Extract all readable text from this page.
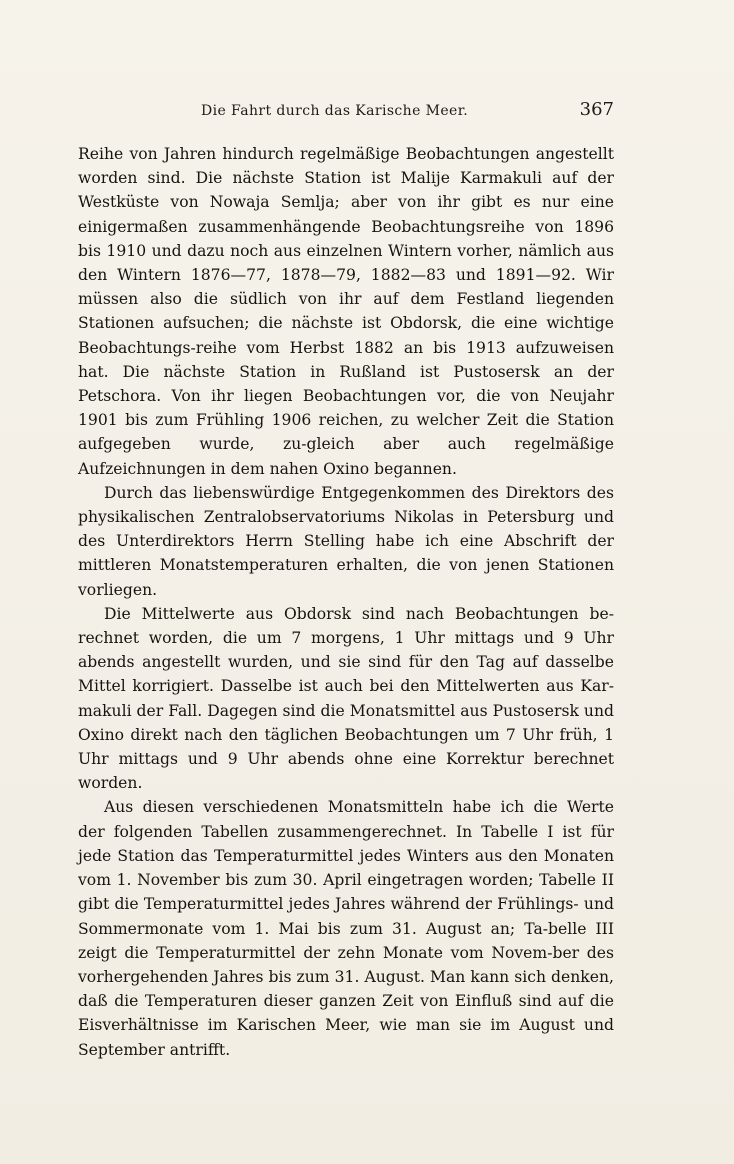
Die Fahrt durch das Karische Meer.	367

Reihe von Jahren hindurch regelmäßige Beobachtungen angestellt worden sind. Die nächste Station ist Malije Karmakuli auf der Westküste von Nowaja Semlja; aber von ihr gibt es nur eine einigermaßen zusammenhängende Beobachtungsreihe von 1896 bis 1910 und dazu noch aus einzelnen Wintern vorher, nämlich aus den Wintern 1876—77, 1878—79, 1882—83 und 1891—92. Wir müssen also die südlich von ihr auf dem Festland liegenden Stationen aufsuchen; die nächste ist Obdorsk, die eine wichtige Beobachtungs-reihe vom Herbst 1882 an bis 1913 aufzuweisen hat. Die nächste Station in Rußland ist Pustosersk an der Petschora. Von ihr liegen Beobachtungen vor, die von Neujahr 1901 bis zum Frühling 1906 reichen, zu welcher Zeit die Station aufgegeben wurde, zu-gleich aber auch regelmäßige Aufzeichnungen in dem nahen Oxino begannen.

Durch das liebenswürdige Entgegenkommen des Direktors des physikalischen Zentralobservatoriums Nikolas in Petersburg und des Unterdirektors Herrn Stelling habe ich eine Abschrift der mittleren Monatstemperaturen erhalten, die von jenen Stationen vorliegen.

Die Mittelwerte aus Obdorsk sind nach Beobachtungen be-rechnet worden, die um 7 morgens, 1 Uhr mittags und 9 Uhr abends angestellt wurden, und sie sind für den Tag auf dasselbe Mittel korrigiert. Dasselbe ist auch bei den Mittelwerten aus Kar-makuli der Fall. Dagegen sind die Monatsmittel aus Pustosersk und Oxino direkt nach den täglichen Beobachtungen um 7 Uhr früh, 1 Uhr mittags und 9 Uhr abends ohne eine Korrektur berechnet worden.

Aus diesen verschiedenen Monatsmitteln habe ich die Werte der folgenden Tabellen zusammengerechnet. In Tabelle I ist für jede Station das Temperaturmittel jedes Winters aus den Monaten vom 1. November bis zum 30. April eingetragen worden; Tabelle II gibt die Temperaturmittel jedes Jahres während der Frühlings- und Sommermonate vom 1. Mai bis zum 31. August an; Ta-belle III zeigt die Temperaturmittel der zehn Monate vom Novem-ber des vorhergehenden Jahres bis zum 31. August. Man kann sich denken, daß die Temperaturen dieser ganzen Zeit von Einfluß sind auf die Eisverhältnisse im Karischen Meer, wie man sie im August und September antrifft.
